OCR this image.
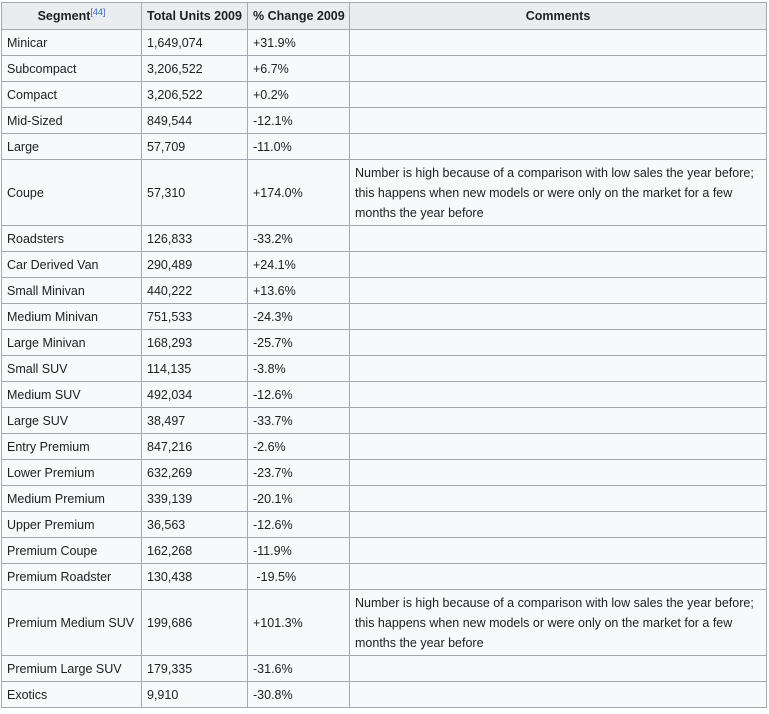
Segment[44]	Total Units 2009	% Change 2009	Comments
Minicar	1,649,074	+31.9%	
Subcompact	3,206,522	+6.7%	
Compact	3,206,522	+0.2%	
Mid-Sized	849,544	-12.1%	
Large	57,709	-11.0%	
Coupe	57,310	+174.0%	Number is high because of a comparison with low sales the year before; this happens when new models or were only on the market for a few months the year before
Roadsters	126,833	-33.2%	
Car Derived Van	290,489	+24.1%	
Small Minivan	440,222	+13.6%	
Medium Minivan	751,533	-24.3%	
Large Minivan	168,293	-25.7%	
Small SUV	114,135	-3.8%	
Medium SUV	492,034	-12.6%	
Large SUV	38,497	-33.7%	
Entry Premium	847,216	-2.6%	
Lower Premium	632,269	-23.7%	
Medium Premium	339,139	-20.1%	
Upper Premium	36,563	-12.6%	
Premium Coupe	162,268	-11.9%	
Premium Roadster	130,438	-19.5%	
Premium Medium SUV	199,686	+101.3%	Number is high because of a comparison with low sales the year before; this happens when new models or were only on the market for a few months the year before
Premium Large SUV	179,335	-31.6%	
Exotics	9,910	-30.8%	
